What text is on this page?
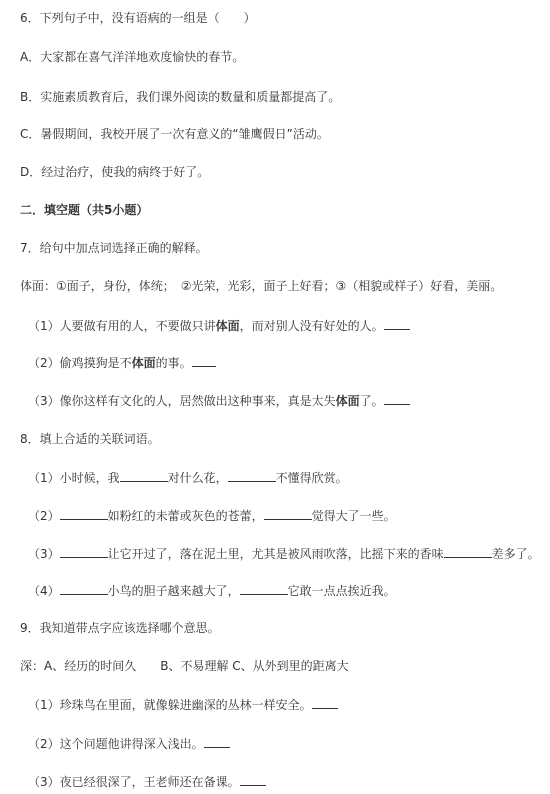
6．下列句子中，没有语病的一组是（　　）
A．大家都在喜气洋洋地欢度愉快的春节。
B．实施素质教育后，我们课外阅读的数量和质量都提高了。
C．暑假期间，我校开展了一次有意义的“雏鹰假日”活动。
D．经过治疗，使我的病终于好了。
二．填空题（共5小题）
7．给句中加点词选择正确的解释。
体面：①面子，身份，体统；　②光荣，光彩，面子上好看；③（相貌或样子）好看，美丽。
（1）人要做有用的人，不要做只讲体面，而对别人没有好处的人。
（2）偷鸡摸狗是不体面的事。
（3）像你这样有文化的人，居然做出这种事来，真是太失体面了。
8．填上合适的关联词语。
（1）小时候，我	对什么花，	不懂得欣赏。
（2）	如粉红的未蕾或灰色的苍蕾，	觉得大了一些。
（3）	让它开过了，落在泥土里，尤其是被风雨吹落，比摇下来的香味	差多了。
（4）	小鸟的胆子越来越大了，	它敢一点点挨近我。
9．我知道带点字应该选择哪个意思。
深：A、经历的时间久　　B、不易理解 C、从外到里的距离大
（1）珍珠鸟在里面，就像躲进幽深的丛林一样安全。
（2）这个问题他讲得深入浅出。
（3）夜已经很深了，王老师还在备课。
